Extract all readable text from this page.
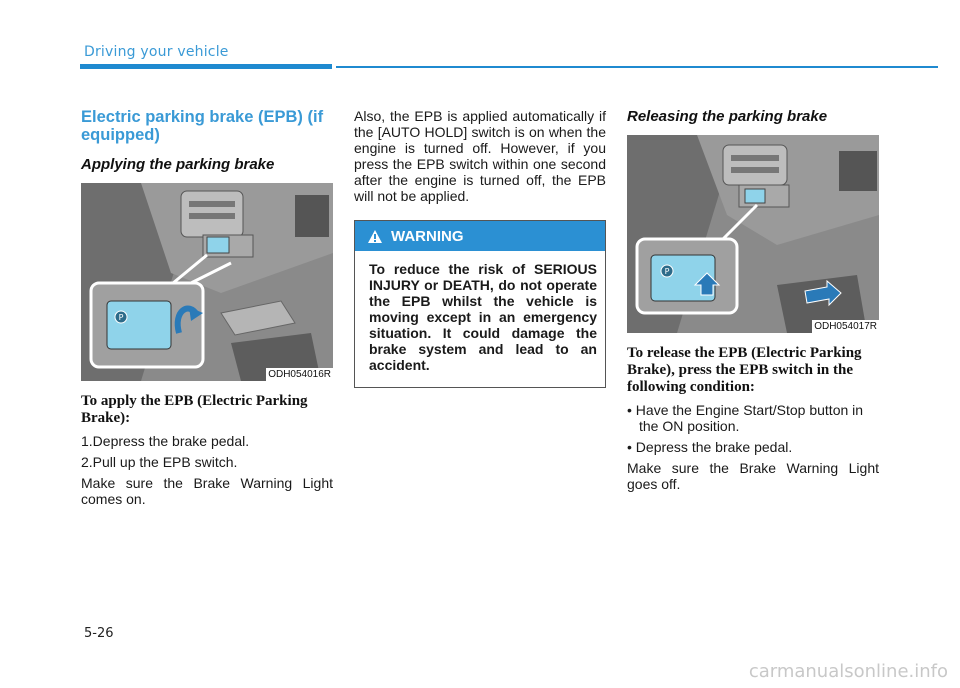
Driving your vehicle
Electric parking brake (EPB) (if equipped)
Applying the parking brake
P
ODH054016R
To apply the EPB (Electric Parking Brake):
1.Depress the brake pedal.
2.Pull up the EPB switch.

Make sure the Brake Warning Light comes on.

Also, the EPB is applied automatically if the [AUTO HOLD] switch is on when the engine is turned off. However, if you press the EPB switch within one second after the engine is turned off, the EPB will not be applied.

WARNING
To reduce the risk of SERIOUS INJURY or DEATH, do not operate the EPB whilst the vehicle is moving except in an emergency situation. It could damage the brake system and lead to an accident.
Releasing the parking brake
P
ODH054017R
To release the EPB (Electric Parking Brake), press the EPB switch in the following condition:
• Have the Engine Start/Stop button in the ON position.
• Depress the brake pedal.

Make sure the Brake Warning Light goes off.

5-26
carmanualsonline.info
